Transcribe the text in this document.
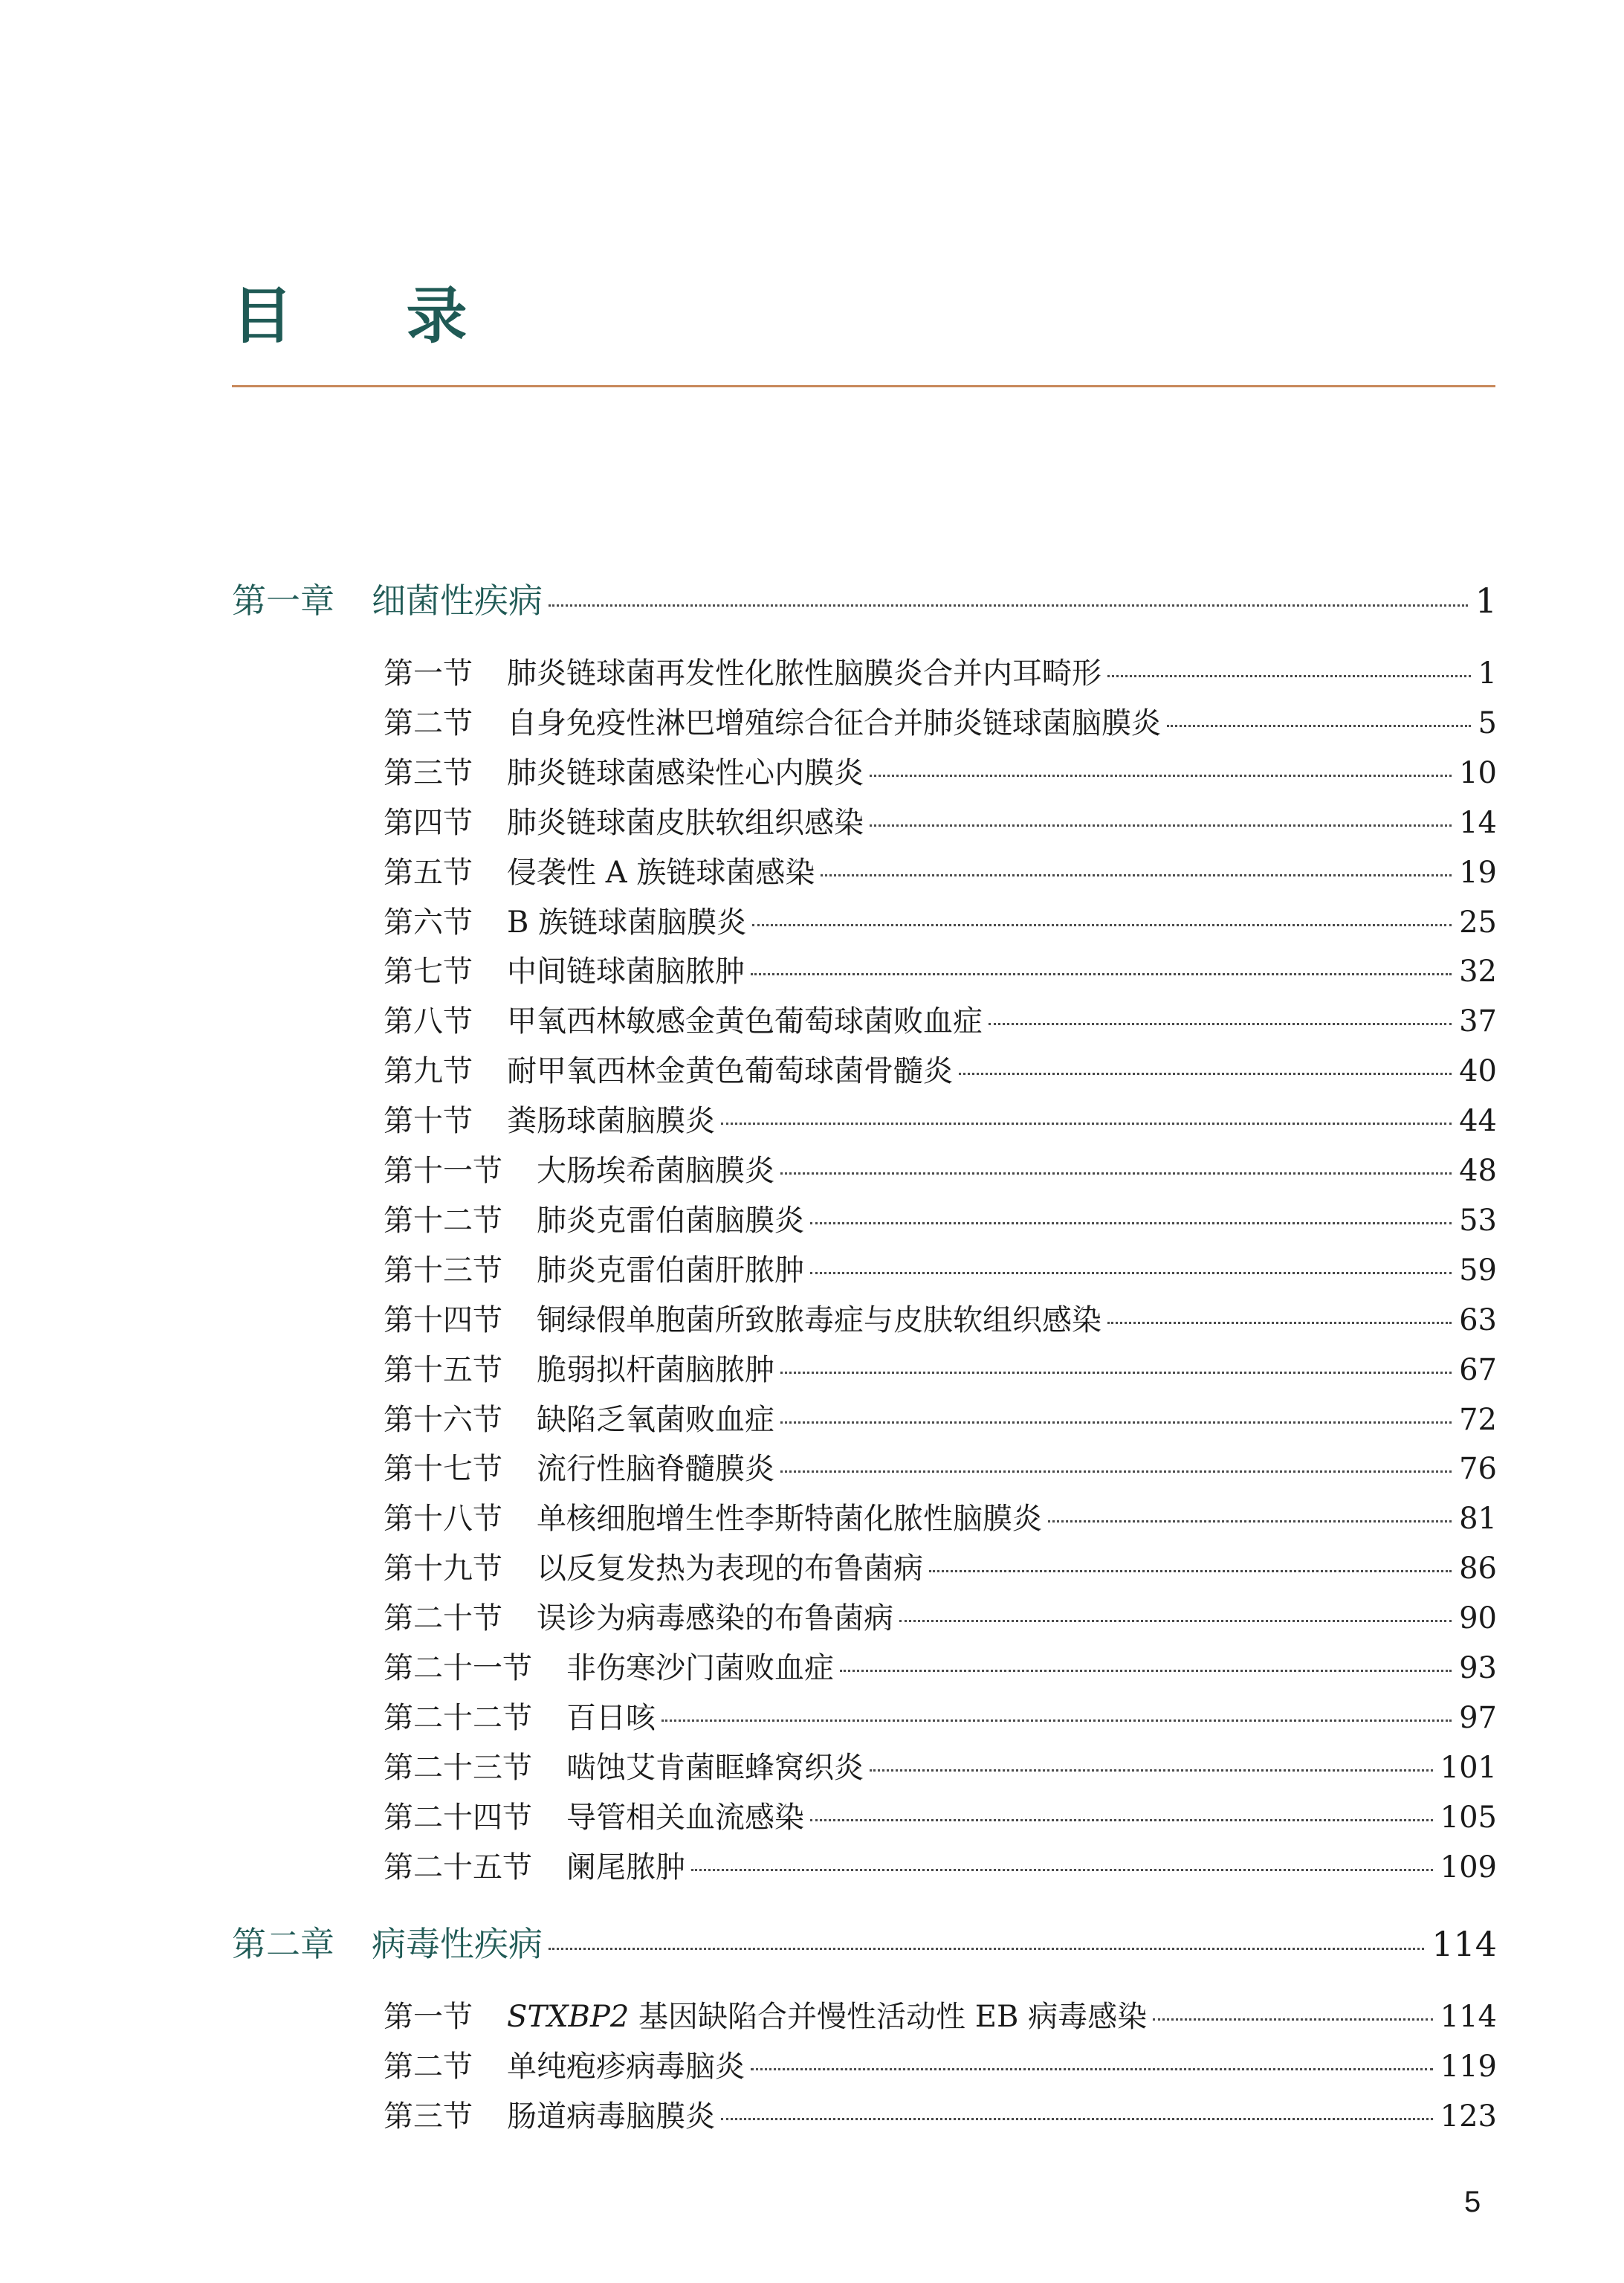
目 录
第一章	细菌性疾病	1
第一节	肺炎链球菌再发性化脓性脑膜炎合并内耳畸形	1
第二节	自身免疫性淋巴增殖综合征合并肺炎链球菌脑膜炎	5
第三节	肺炎链球菌感染性心内膜炎	10
第四节	肺炎链球菌皮肤软组织感染	14
第五节	侵袭性 A 族链球菌感染	19
第六节	B 族链球菌脑膜炎	25
第七节	中间链球菌脑脓肿	32
第八节	甲氧西林敏感金黄色葡萄球菌败血症	37
第九节	耐甲氧西林金黄色葡萄球菌骨髓炎	40
第十节	粪肠球菌脑膜炎	44
第十一节	大肠埃希菌脑膜炎	48
第十二节	肺炎克雷伯菌脑膜炎	53
第十三节	肺炎克雷伯菌肝脓肿	59
第十四节	铜绿假单胞菌所致脓毒症与皮肤软组织感染	63
第十五节	脆弱拟杆菌脑脓肿	67
第十六节	缺陷乏氧菌败血症	72
第十七节	流行性脑脊髓膜炎	76
第十八节	单核细胞增生性李斯特菌化脓性脑膜炎	81
第十九节	以反复发热为表现的布鲁菌病	86
第二十节	误诊为病毒感染的布鲁菌病	90
第二十一节	非伤寒沙门菌败血症	93
第二十二节	百日咳	97
第二十三节	啮蚀艾肯菌眶蜂窝织炎	101
第二十四节	导管相关血流感染	105
第二十五节	阑尾脓肿	109
第二章	病毒性疾病	114
第一节	STXBP2 基因缺陷合并慢性活动性 EB 病毒感染	114
第二节	单纯疱疹病毒脑炎	119
第三节	肠道病毒脑膜炎	123
5
